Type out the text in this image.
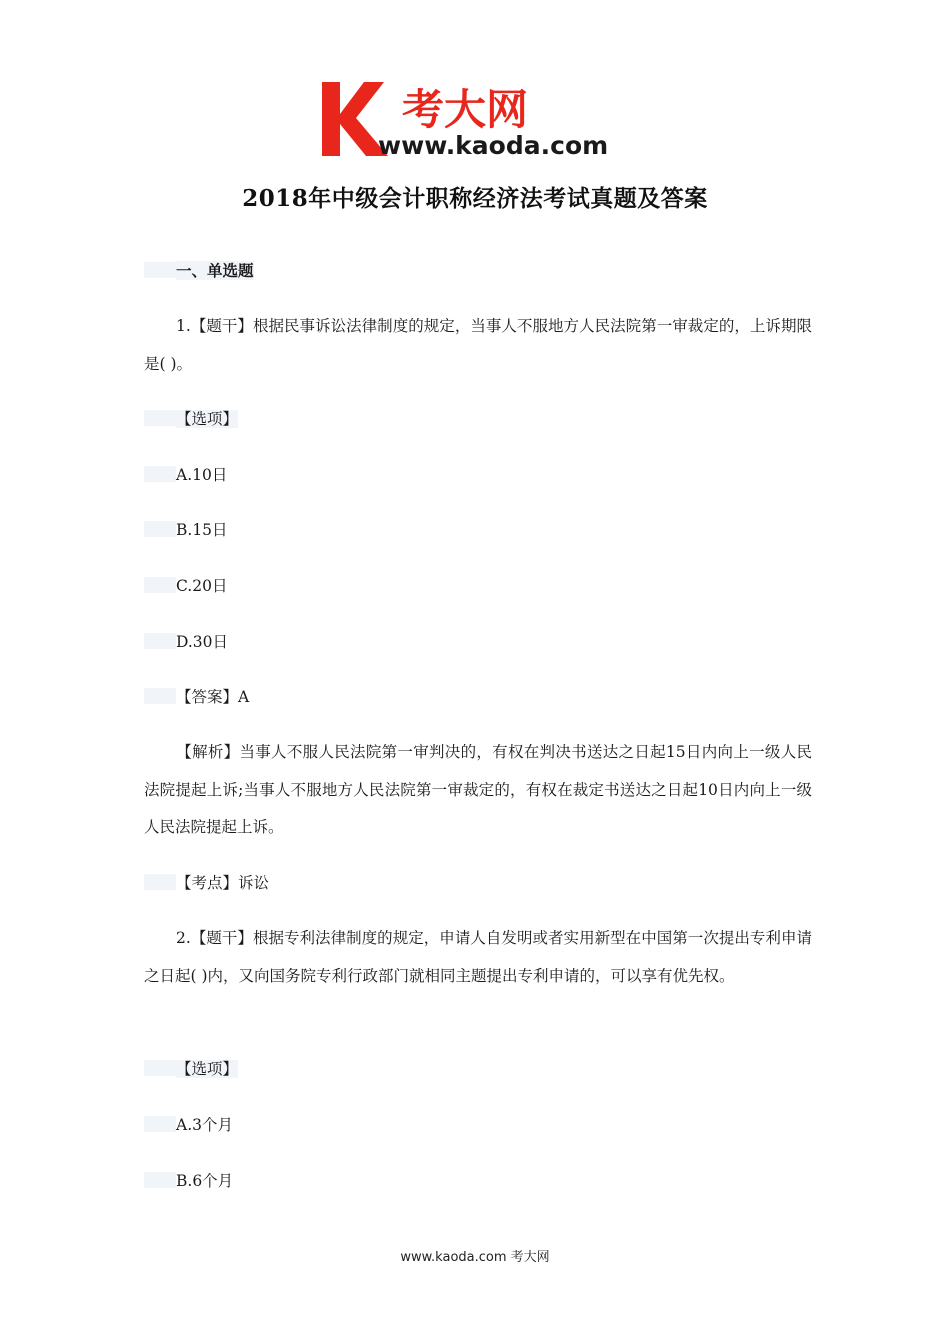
考大网
www.kaoda.com
2018年中级会计职称经济法考试真题及答案
一、单选题
1.【题干】根据民事诉讼法律制度的规定，当事人不服地方人民法院第一审裁定的，上诉期限是( )。
【选项】
A.10日
B.15日
C.20日
D.30日
【答案】A
【解析】当事人不服人民法院第一审判决的，有权在判决书送达之日起15日内向上一级人民法院提起上诉;当事人不服地方人民法院第一审裁定的，有权在裁定书送达之日起10日内向上一级人民法院提起上诉。
【考点】诉讼
2.【题干】根据专利法律制度的规定，申请人自发明或者实用新型在中国第一次提出专利申请之日起( )内，又向国务院专利行政部门就相同主题提出专利申请的，可以享有优先权。
【选项】
A.3个月
B.6个月
www.kaoda.com 考大网
